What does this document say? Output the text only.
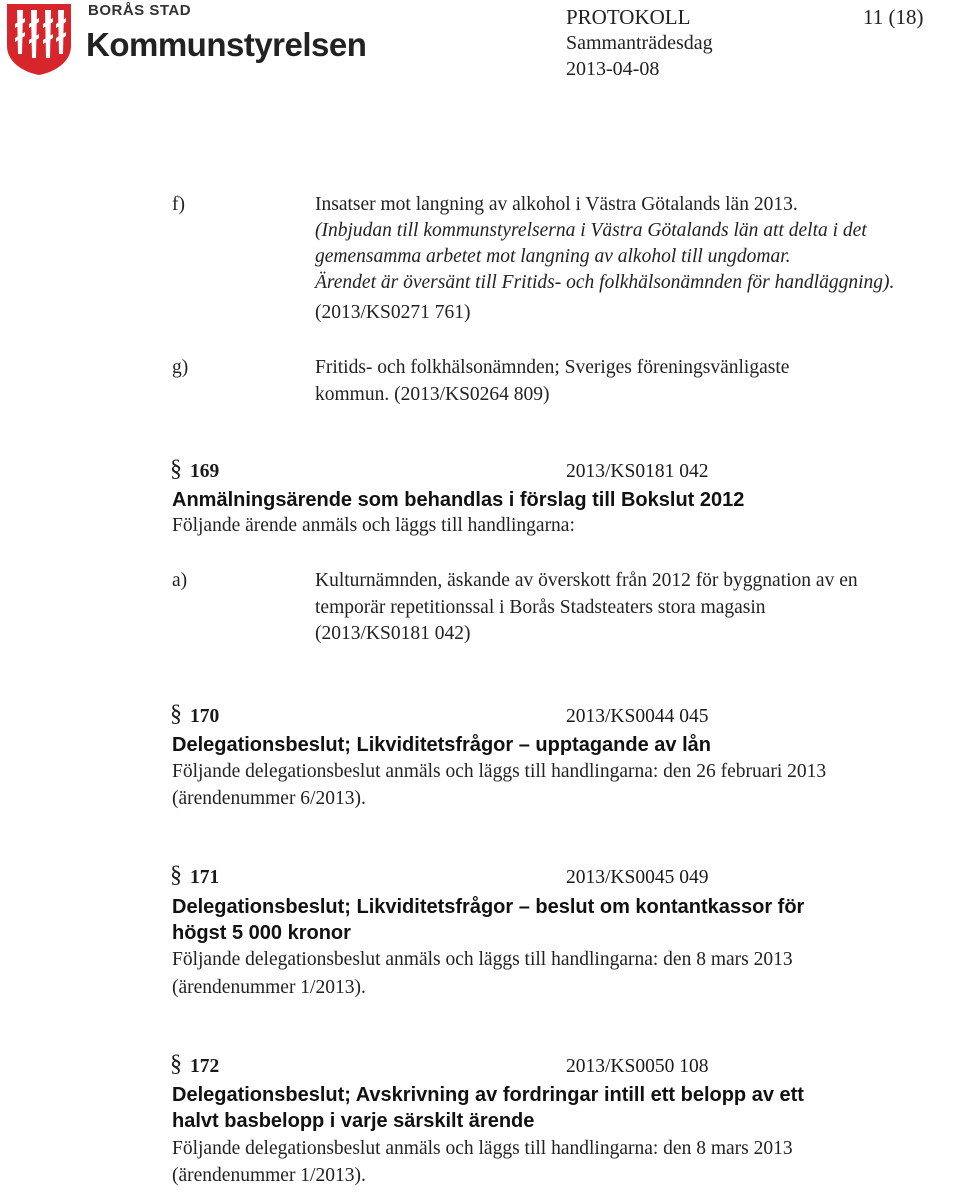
BORÅS STAD
Kommunstyrelsen
PROTOKOLL	11 (18)
Sammanträdesdag
2013-04-08
f)	Insatser mot langning av alkohol i Västra Götalands län 2013.
(Inbjudan till kommunstyrelserna i Västra Götalands län att delta i det
gemensamma arbetet mot langning av alkohol till ungdomar.
Ärendet är översänt till Fritids- och folkhälsonämnden för handläggning).
(2013/KS0271 761)
g)	Fritids- och folkhälsonämnden; Sveriges föreningsvänligaste
kommun. (2013/KS0264 809)
§ 169	2013/KS0181 042
Anmälningsärende som behandlas i förslag till Bokslut 2012
Följande ärende anmäls och läggs till handlingarna:
a)	Kulturnämnden, äskande av överskott från 2012 för byggnation av en
temporär repetitionssal i Borås Stadsteaters stora magasin
(2013/KS0181 042)
§ 170	2013/KS0044 045
Delegationsbeslut; Likviditetsfrågor – upptagande av lån
Följande delegationsbeslut anmäls och läggs till handlingarna: den 26 februari 2013
(ärendenummer 6/2013).
§ 171	2013/KS0045 049
Delegationsbeslut; Likviditetsfrågor – beslut om kontantkassor för
högst 5 000 kronor
Följande delegationsbeslut anmäls och läggs till handlingarna: den 8 mars 2013
(ärendenummer 1/2013).
§ 172	2013/KS0050 108
Delegationsbeslut; Avskrivning av fordringar intill ett belopp av ett
halvt basbelopp i varje särskilt ärende
Följande delegationsbeslut anmäls och läggs till handlingarna: den 8 mars 2013
(ärendenummer 1/2013).
